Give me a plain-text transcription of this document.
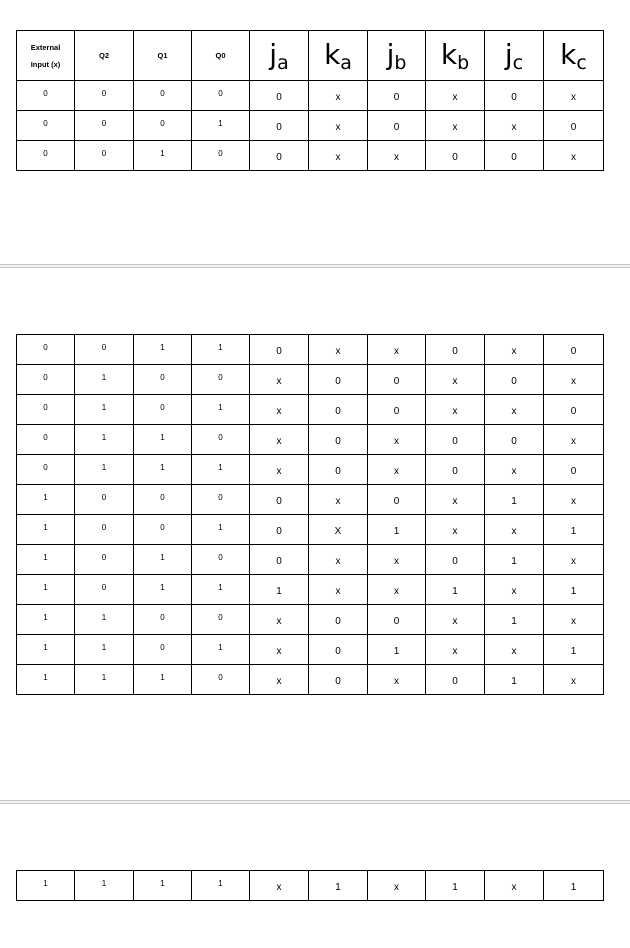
External
Input (x)	Q2	Q1	Q0	ja	ka	jb	kb	jc	kc
0	0	0	0	0	x	0	x	0	x
0	0	0	1	0	x	0	x	x	0
0	0	1	0	0	x	x	0	0	x
0	0	1	1	0	x	x	0	x	0
0	1	0	0	x	0	0	x	0	x
0	1	0	1	x	0	0	x	x	0
0	1	1	0	x	0	x	0	0	x
0	1	1	1	x	0	x	0	x	0
1	0	0	0	0	x	0	x	1	x
1	0	0	1	0	X	1	x	x	1
1	0	1	0	0	x	x	0	1	x
1	0	1	1	1	x	x	1	x	1
1	1	0	0	x	0	0	x	1	x
1	1	0	1	x	0	1	x	x	1
1	1	1	0	x	0	x	0	1	x
1	1	1	1	x	1	x	1	x	1
